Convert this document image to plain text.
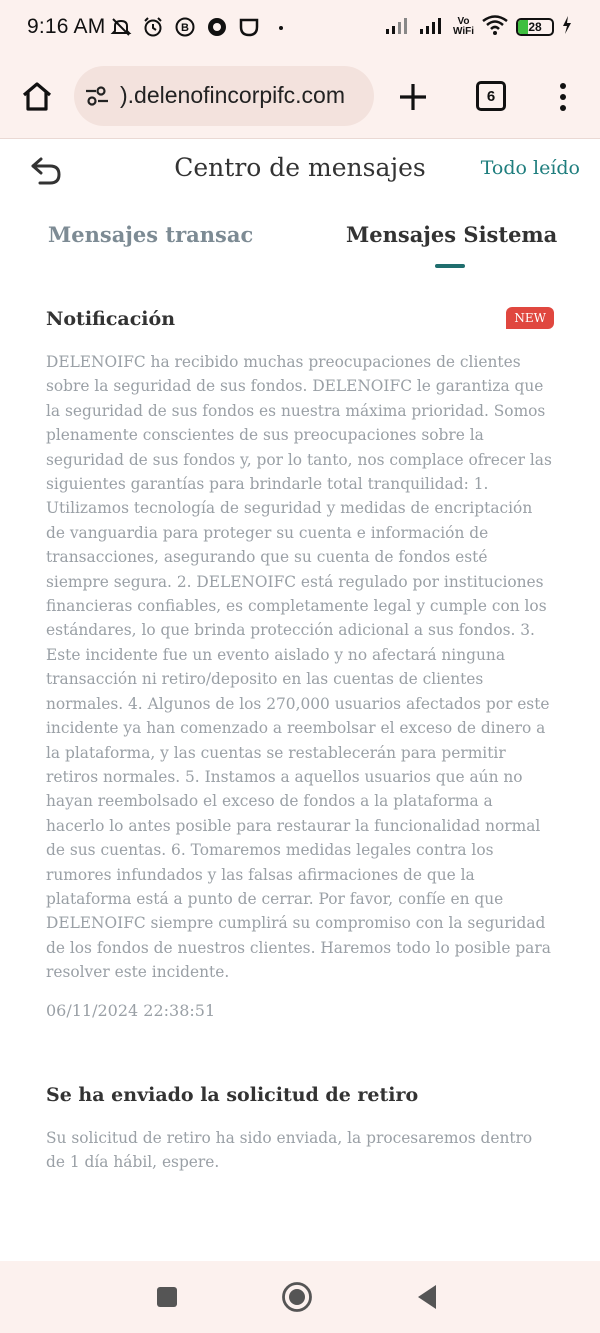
9:16 AM	B
Vo
WiFi	28
).delenofincorpifc.com	6
Centro de mensajes	Todo leído
Mensajes transac	Mensajes Sistema
Notificación	NEW
DELENOIFC ha recibido muchas preocupaciones de clientes sobre la seguridad de sus fondos. DELENOIFC le garantiza que la seguridad de sus fondos es nuestra máxima prioridad. Somos plenamente conscientes de sus preocupaciones sobre la seguridad de sus fondos y, por lo tanto, nos complace ofrecer las siguientes garantías para brindarle total tranquilidad: 1. Utilizamos tecnología de seguridad y medidas de encriptación de vanguardia para proteger su cuenta e información de transacciones, asegurando que su cuenta de fondos esté siempre segura. 2. DELENOIFC está regulado por instituciones financieras confiables, es completamente legal y cumple con los estándares, lo que brinda protección adicional a sus fondos. 3. Este incidente fue un evento aislado y no afectará ninguna transacción ni retiro/deposito en las cuentas de clientes normales. 4. Algunos de los 270,000 usuarios afectados por este incidente ya han comenzado a reembolsar el exceso de dinero a la plataforma, y las cuentas se restablecerán para permitir retiros normales. 5. Instamos a aquellos usuarios que aún no hayan reembolsado el exceso de fondos a la plataforma a hacerlo lo antes posible para restaurar la funcionalidad normal de sus cuentas. 6. Tomaremos medidas legales contra los rumores infundados y las falsas afirmaciones de que la plataforma está a punto de cerrar. Por favor, confíe en que DELENOIFC siempre cumplirá su compromiso con la seguridad de los fondos de nuestros clientes. Haremos todo lo posible para resolver este incidente.
06/11/2024 22:38:51
Se ha enviado la solicitud de retiro
Su solicitud de retiro ha sido enviada, la procesaremos dentro de 1 día hábil, espere.
